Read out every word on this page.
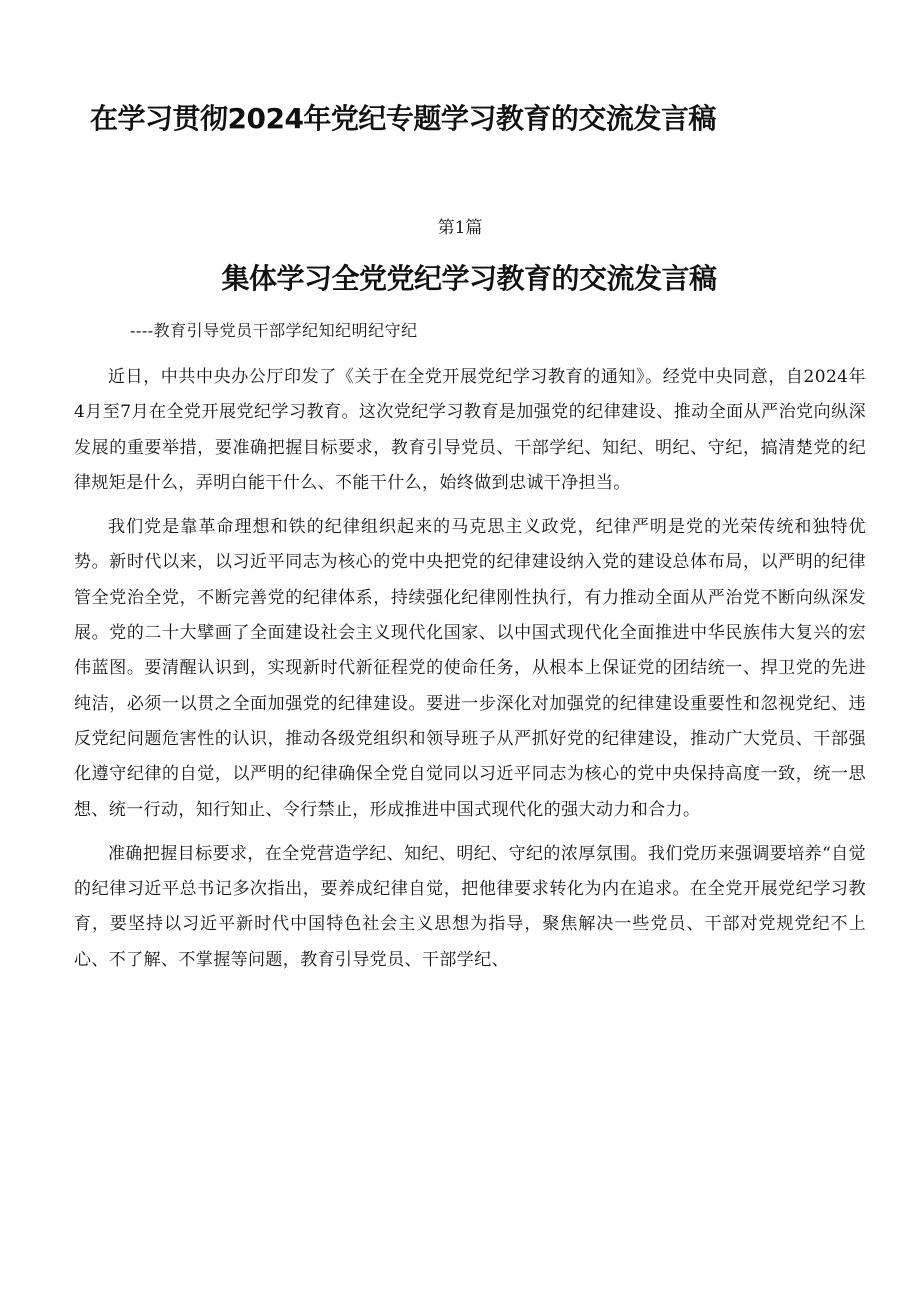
在学习贯彻2024年党纪专题学习教育的交流发言稿
第1篇
集体学习全党党纪学习教育的交流发言稿
----教育引导党员干部学纪知纪明纪守纪

近日，中共中央办公厅印发了《关于在全党开展党纪学习教育的通知》。经党中央同意，自2024年4月至7月在全党开展党纪学习教育。这次党纪学习教育是加强党的纪律建设、推动全面从严治党向纵深发展的重要举措，要准确把握目标要求，教育引导党员、干部学纪、知纪、明纪、守纪，搞清楚党的纪律规矩是什么，弄明白能干什么、不能干什么，始终做到忠诚干净担当。

我们党是靠革命理想和铁的纪律组织起来的马克思主义政党，纪律严明是党的光荣传统和独特优势。新时代以来，以习近平同志为核心的党中央把党的纪律建设纳入党的建设总体布局，以严明的纪律管全党治全党，不断完善党的纪律体系，持续强化纪律刚性执行，有力推动全面从严治党不断向纵深发展。党的二十大擘画了全面建设社会主义现代化国家、以中国式现代化全面推进中华民族伟大复兴的宏伟蓝图。要清醒认识到，实现新时代新征程党的使命任务，从根本上保证党的团结统一、捍卫党的先进纯洁，必须一以贯之全面加强党的纪律建设。要进一步深化对加强党的纪律建设重要性和忽视党纪、违反党纪问题危害性的认识，推动各级党组织和领导班子从严抓好党的纪律建设，推动广大党员、干部强化遵守纪律的自觉，以严明的纪律确保全党自觉同以习近平同志为核心的党中央保持高度一致，统一思想、统一行动，知行知止、令行禁止，形成推进中国式现代化的强大动力和合力。

准确把握目标要求，在全党营造学纪、知纪、明纪、守纪的浓厚氛围。我们党历来强调要培养“自觉的纪律习近平总书记多次指出，要养成纪律自觉，把他律要求转化为内在追求。在全党开展党纪学习教育，要坚持以习近平新时代中国特色社会主义思想为指导，聚焦解决一些党员、干部对党规党纪不上心、不了解、不掌握等问题，教育引导党员、干部学纪、
